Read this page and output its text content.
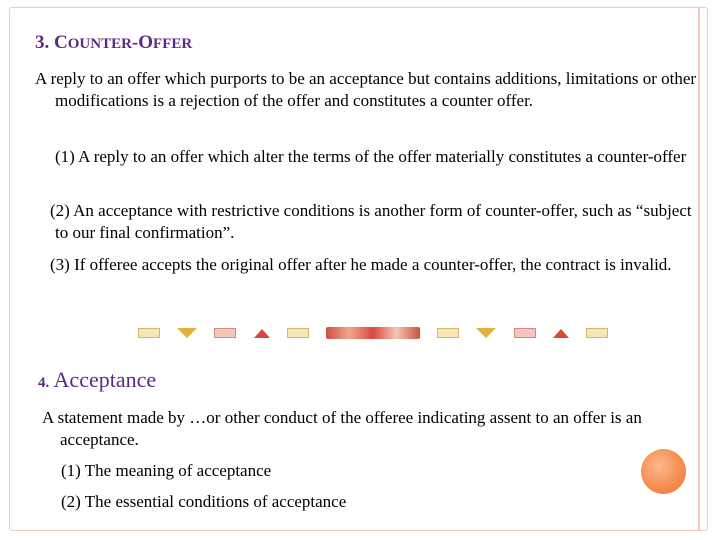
3. COUNTER-OFFER

A reply to an offer which purports to be an acceptance but contains additions, limitations or other modifications is a rejection of the offer and constitutes a counter offer.

(1) A reply to an offer which alter the terms of the offer materially constitutes a counter-offer

(2) An acceptance with restrictive conditions is another form of counter-offer, such as “subject to our final confirmation”.

(3) If offeree accepts the original offer after he made a counter-offer, the contract is invalid.

4. Acceptance

A statement made by …or other conduct of the offeree indicating assent to an offer is an acceptance.

(1) The meaning of acceptance

(2) The essential conditions of acceptance
